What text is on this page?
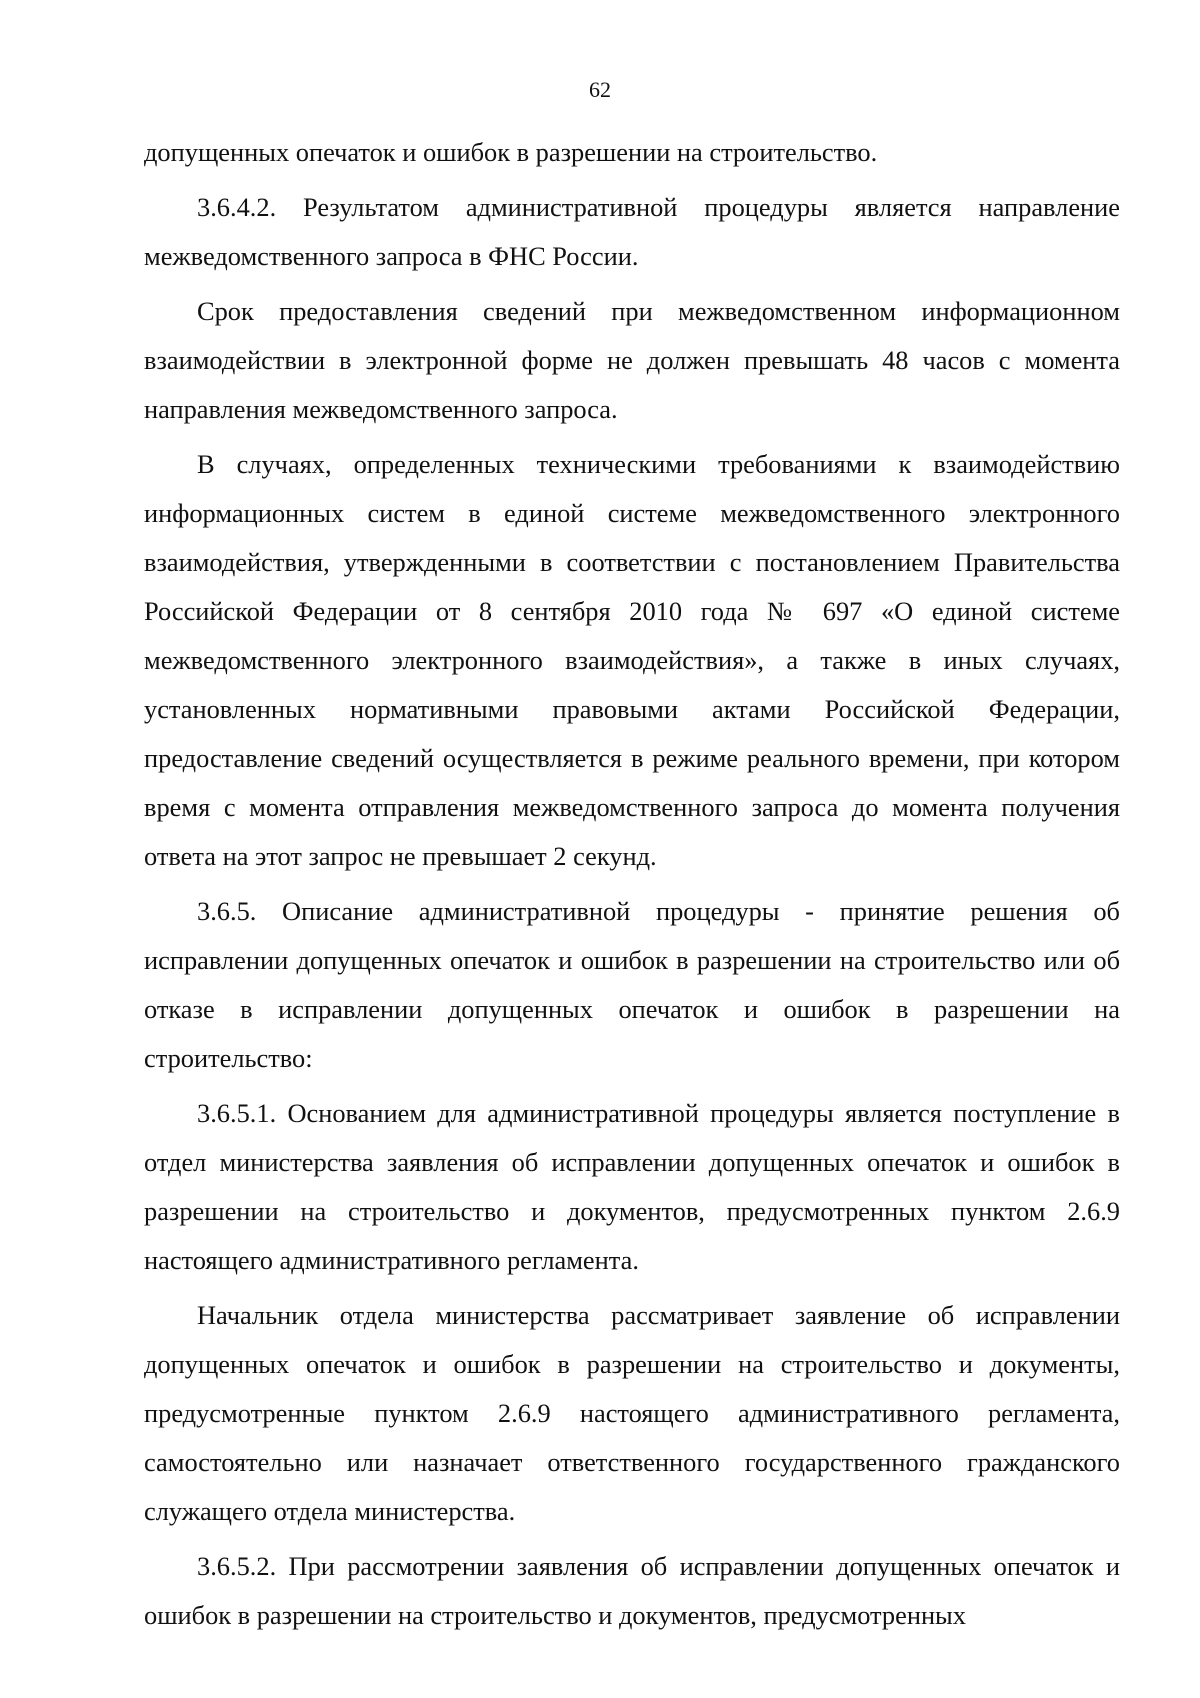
62

допущенных опечаток и ошибок в разрешении на строительство.

3.6.4.2. Результатом административной процедуры является направление межведомственного запроса в ФНС России.

Срок предоставления сведений при межведомственном информационном взаимодействии в электронной форме не должен превышать 48 часов с момента направления межведомственного запроса.

В случаях, определенных техническими требованиями к взаимодействию информационных систем в единой системе межведомственного электронного взаимодействия, утвержденными в соответствии с постановлением Правительства Российской Федерации от 8 сентября 2010 года № 697 «О единой системе межведомственного электронного взаимодействия», а также в иных случаях, установленных нормативными правовыми актами Российской Федерации, предоставление сведений осуществляется в режиме реального времени, при котором время с момента отправления межведомственного запроса до момента получения ответа на этот запрос не превышает 2 секунд.

3.6.5. Описание административной процедуры - принятие решения об исправлении допущенных опечаток и ошибок в разрешении на строительство или об отказе в исправлении допущенных опечаток и ошибок в разрешении на строительство:

3.6.5.1. Основанием для административной процедуры является поступление в отдел министерства заявления об исправлении допущенных опечаток и ошибок в разрешении на строительство и документов, предусмотренных пунктом 2.6.9 настоящего административного регламента.

Начальник отдела министерства рассматривает заявление об исправлении допущенных опечаток и ошибок в разрешении на строительство и документы, предусмотренные пунктом 2.6.9 настоящего административного регламента, самостоятельно или назначает ответственного государственного гражданского служащего отдела министерства.

3.6.5.2. При рассмотрении заявления об исправлении допущенных опечаток и ошибок в разрешении на строительство и документов, предусмотренных
